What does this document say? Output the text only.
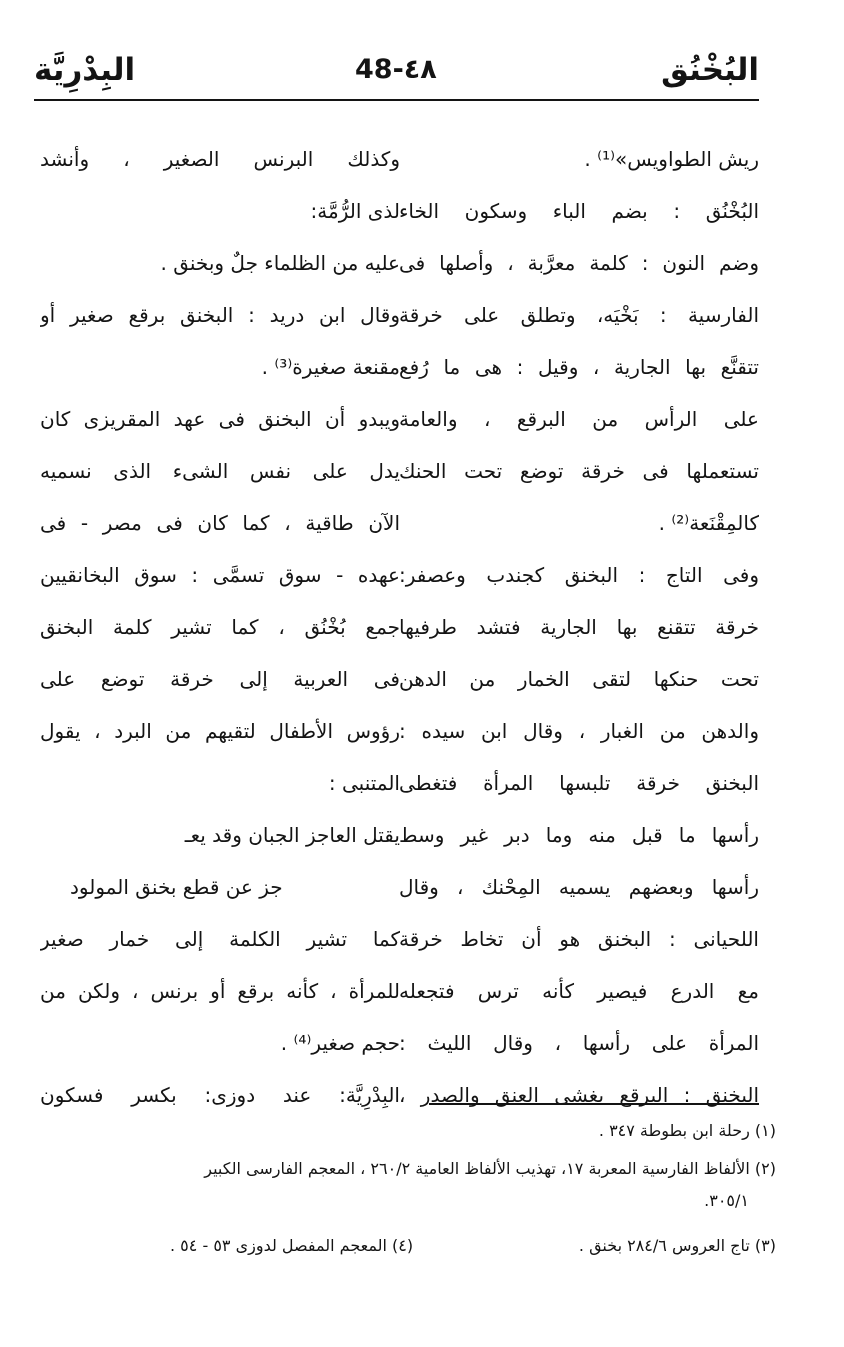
البُخْنُق
48-٤٨
البِدْرِيَّة
ريش الطواويس»⁽¹⁾ .
البُخْنُق : بضم الباء وسكون الخاء
وضم النون : كلمة معرَّبة ، وأصلها فى
الفارسية : بَخْيَه، وتطلق على خرقة
تتقنَّع بها الجارية ، وقيل : هى ما رُفع
على الرأس من البرقع ، والعامة
تستعملها فى خرقة توضع تحت الحنك
كالمِقْنَعة⁽²⁾ .
وفى التاج : البخنق كجندب وعصفر:
خرقة تتقنع بها الجارية فتشد طرفيها
تحت حنكها لتقى الخمار من الدهن
والدهن من الغبار ، وقال ابن سيده :
البخنق خرقة تلبسها المرأة فتغطى
رأسها ما قبل منه وما دبر غير وسط
رأسها وبعضهم يسميه المِحْنك ، وقال
اللحيانى : البخنق هو أن تخاط خرقة
مع الدرع فيصير كأنه ترس فتجعله
المرأة على رأسها ، وقال الليث :
البخنق : البرقع يغشى العنق والصدر ،
وكذلك البرنس الصغير ، وأنشد
لذى الرُّمَّة:
عليه من الظلماء جلٌ وبخنق .
وقال ابن دريد : البخنق برقع صغير أو
مقنعة صغيرة⁽³⁾ .
ويبدو أن البخنق فى عهد المقريزى كان
يدل على نفس الشىء الذى نسميه
الآن طاقية ، كما كان فى مصر - فى
عهده - سوق تسمَّى : سوق البخانقيين
جمع بُخْنُق ، كما تشير كلمة البخنق
فى العربية إلى خرقة توضع على
رؤوس الأطفال لتقيهم من البرد ، يقول
المتنبى :
يقتل العاجز الجبان وقد يعـ
جز عن قطع بخنق المولود
كما تشير الكلمة إلى خمار صغير
للمرأة ، كأنه برقع أو برنس ، ولكن من
حجم صغير⁽⁴⁾ .
البِدْرِيَّة: عند دوزى: بكسر فسكون
(١) رحلة ابن بطوطة ٣٤٧ .
(٢) الألفاظ الفارسية المعربة ١٧، تهذيب الألفاظ العامية ٢٦٠/٢ ، المعجم الفارسى الكبير
٣٠٥/١.
(٣) تاج العروس ٢٨٤/٦ بخنق .
(٤) المعجم المفصل لدوزى ٥٣ - ٥٤ .
